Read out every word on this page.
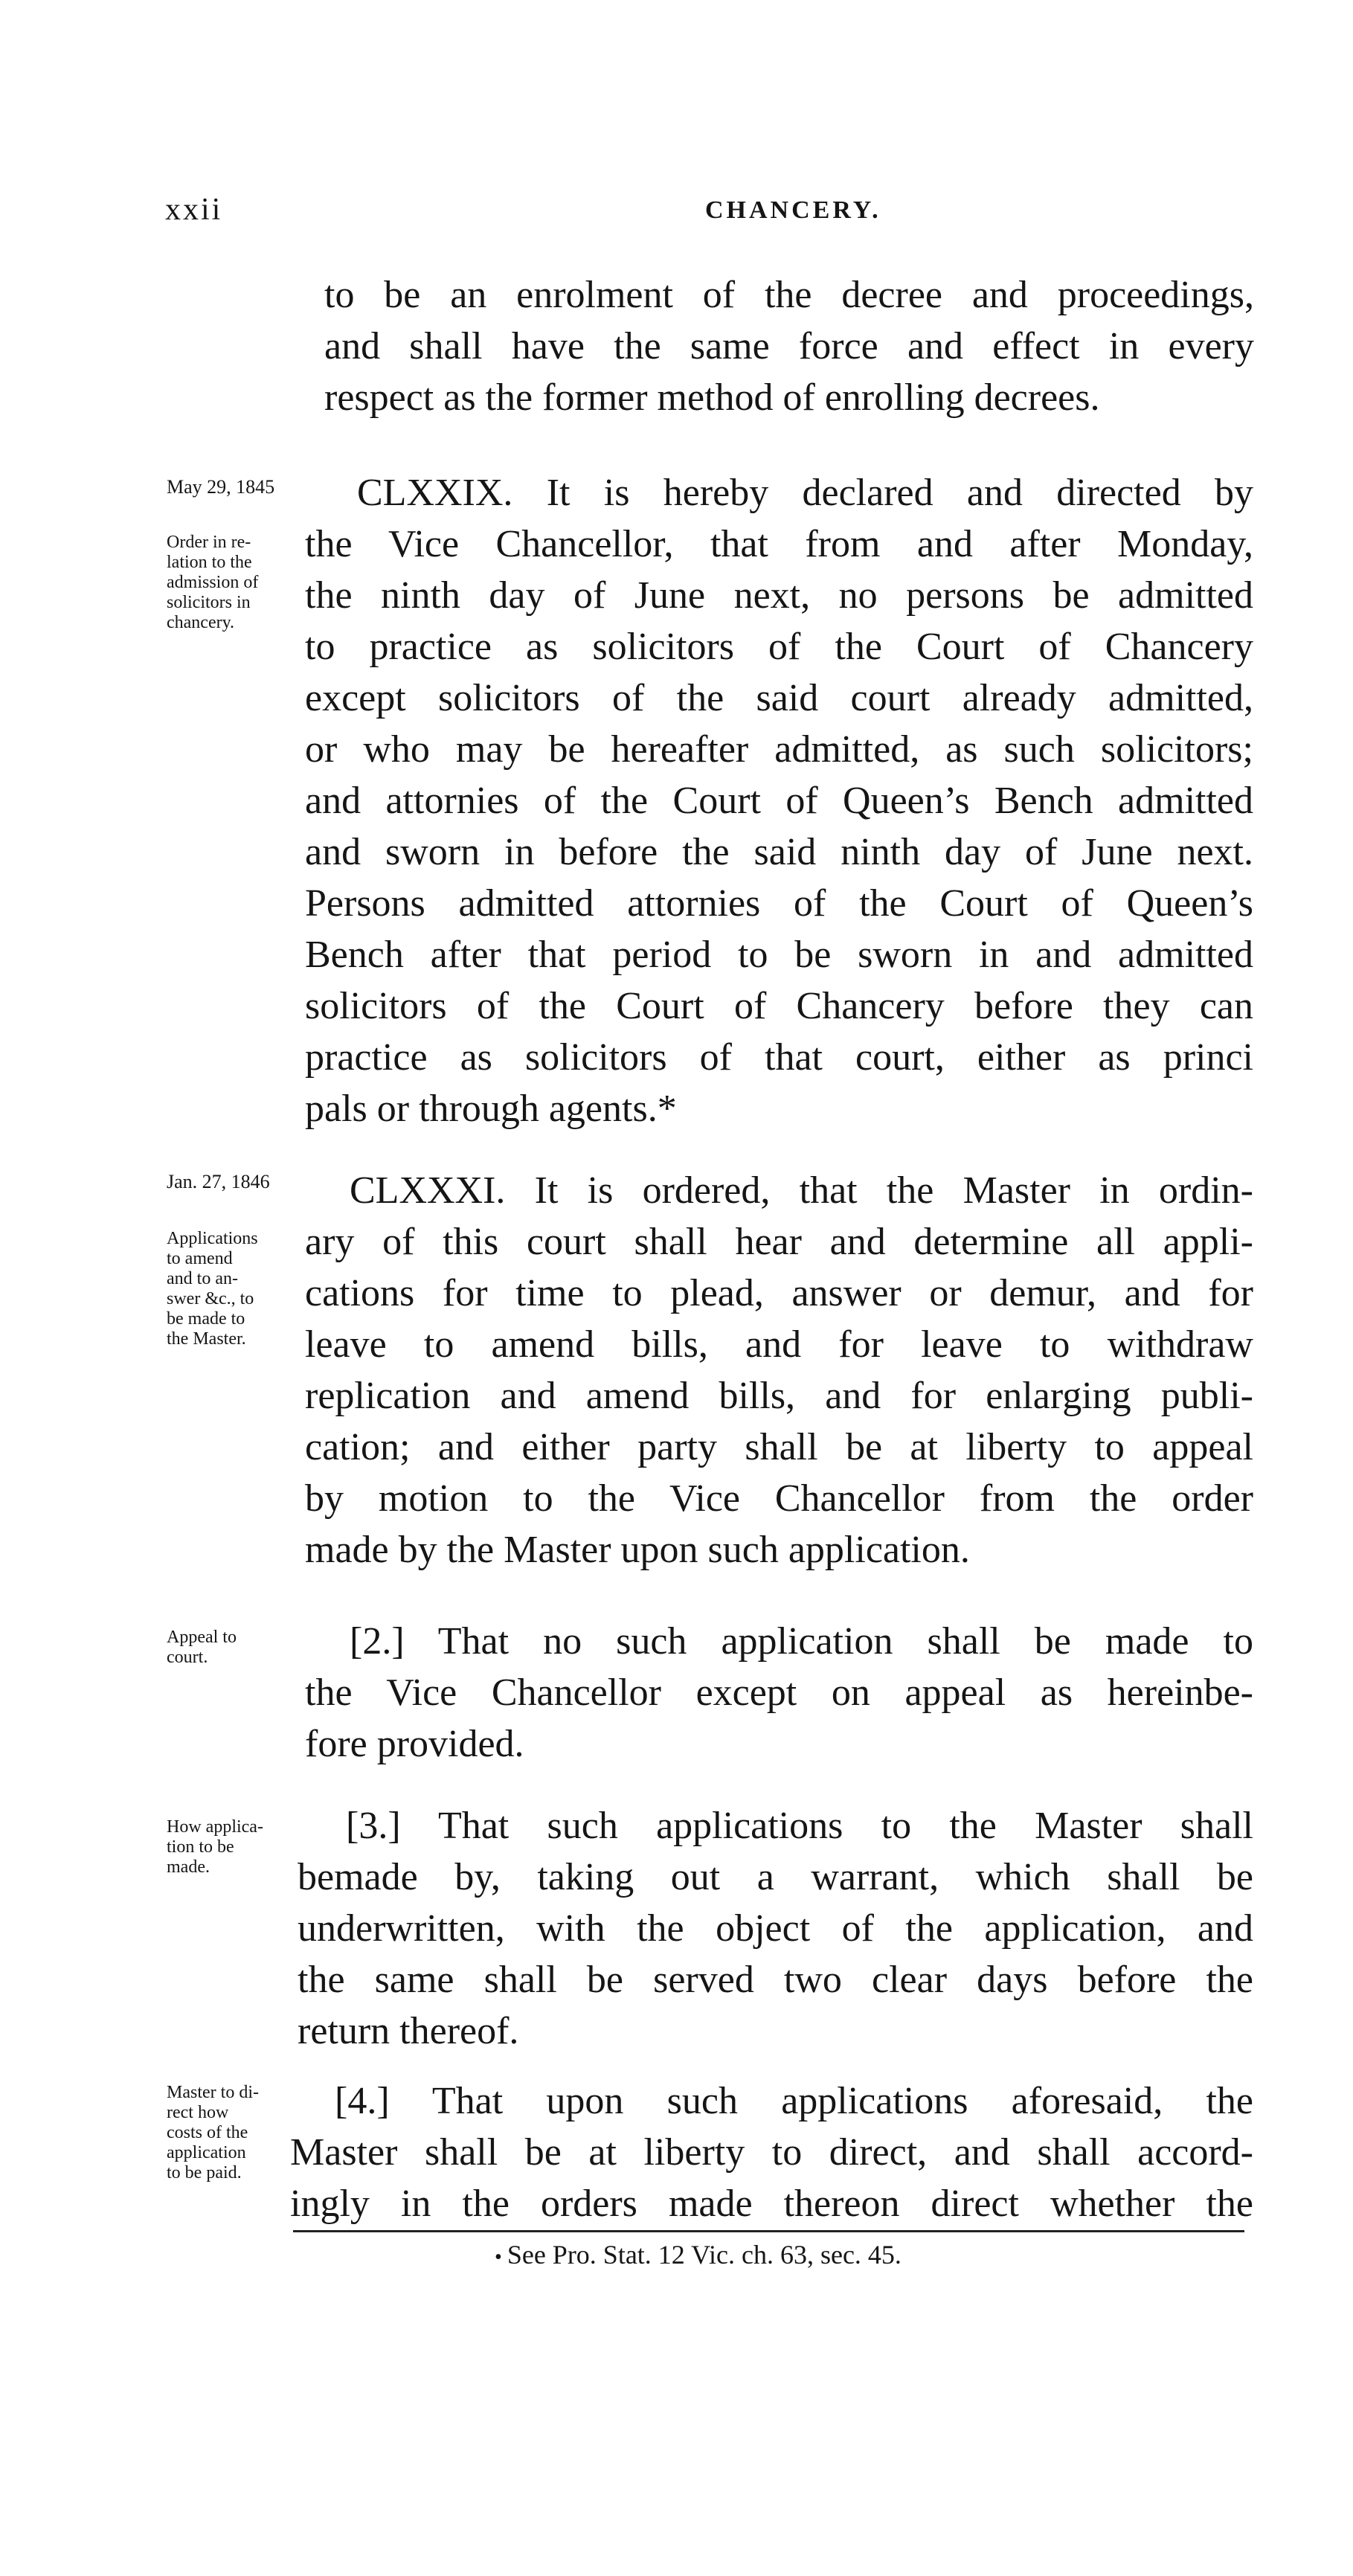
xxii	CHANCERY.
to be an enrolment of the decree and proceedings,
and shall have the same force and effect in every
respect as the former method of enrolling decrees.
May 29, 1845
Order in re-
lation to the
admission of
solicitors in
chancery.
CLXXIX. It is hereby declared and directed by
the Vice Chancellor, that from and after Monday,
the ninth day of June next, no persons be admitted
to practice as solicitors of the Court of Chancery
except solicitors of the said court already admitted,
or who may be hereafter admitted, as such solicitors;
and attornies of the Court of Queen’s Bench admitted
and sworn in before the said ninth day of June next.
Persons admitted attornies of the Court of Queen’s
Bench after that period to be sworn in and admitted
solicitors of the Court of Chancery before they can
practice as solicitors of that court, either as princi
pals or through agents.*
Jan. 27, 1846
Applications
to amend
and to an-
swer &c., to
be made to
the Master.
CLXXXI. It is ordered, that the Master in ordin-
ary of this court shall hear and determine all appli-
cations for time to plead, answer or demur, and for
leave to amend bills, and for leave to withdraw
replication and amend bills, and for enlarging publi-
cation; and either party shall be at liberty to appeal
by motion to the Vice Chancellor from the order
made by the Master upon such application.
Appeal to
court.	[2.] That no such application shall be made to
the Vice Chancellor except on appeal as hereinbe-
fore provided.
How applica-
tion to be
made.
[3.] That such applications to the Master shall
bemade by, taking out a warrant, which shall be
underwritten, with the object of the application, and
the same shall be served two clear days before the
return thereof.
Master to di-
rect how
costs of the
application
to be paid.
[4.] That upon such applications aforesaid, the
Master shall be at liberty to direct, and shall accord-
ingly in the orders made thereon direct whether the
• See Pro. Stat. 12 Vic. ch. 63, sec. 45.
